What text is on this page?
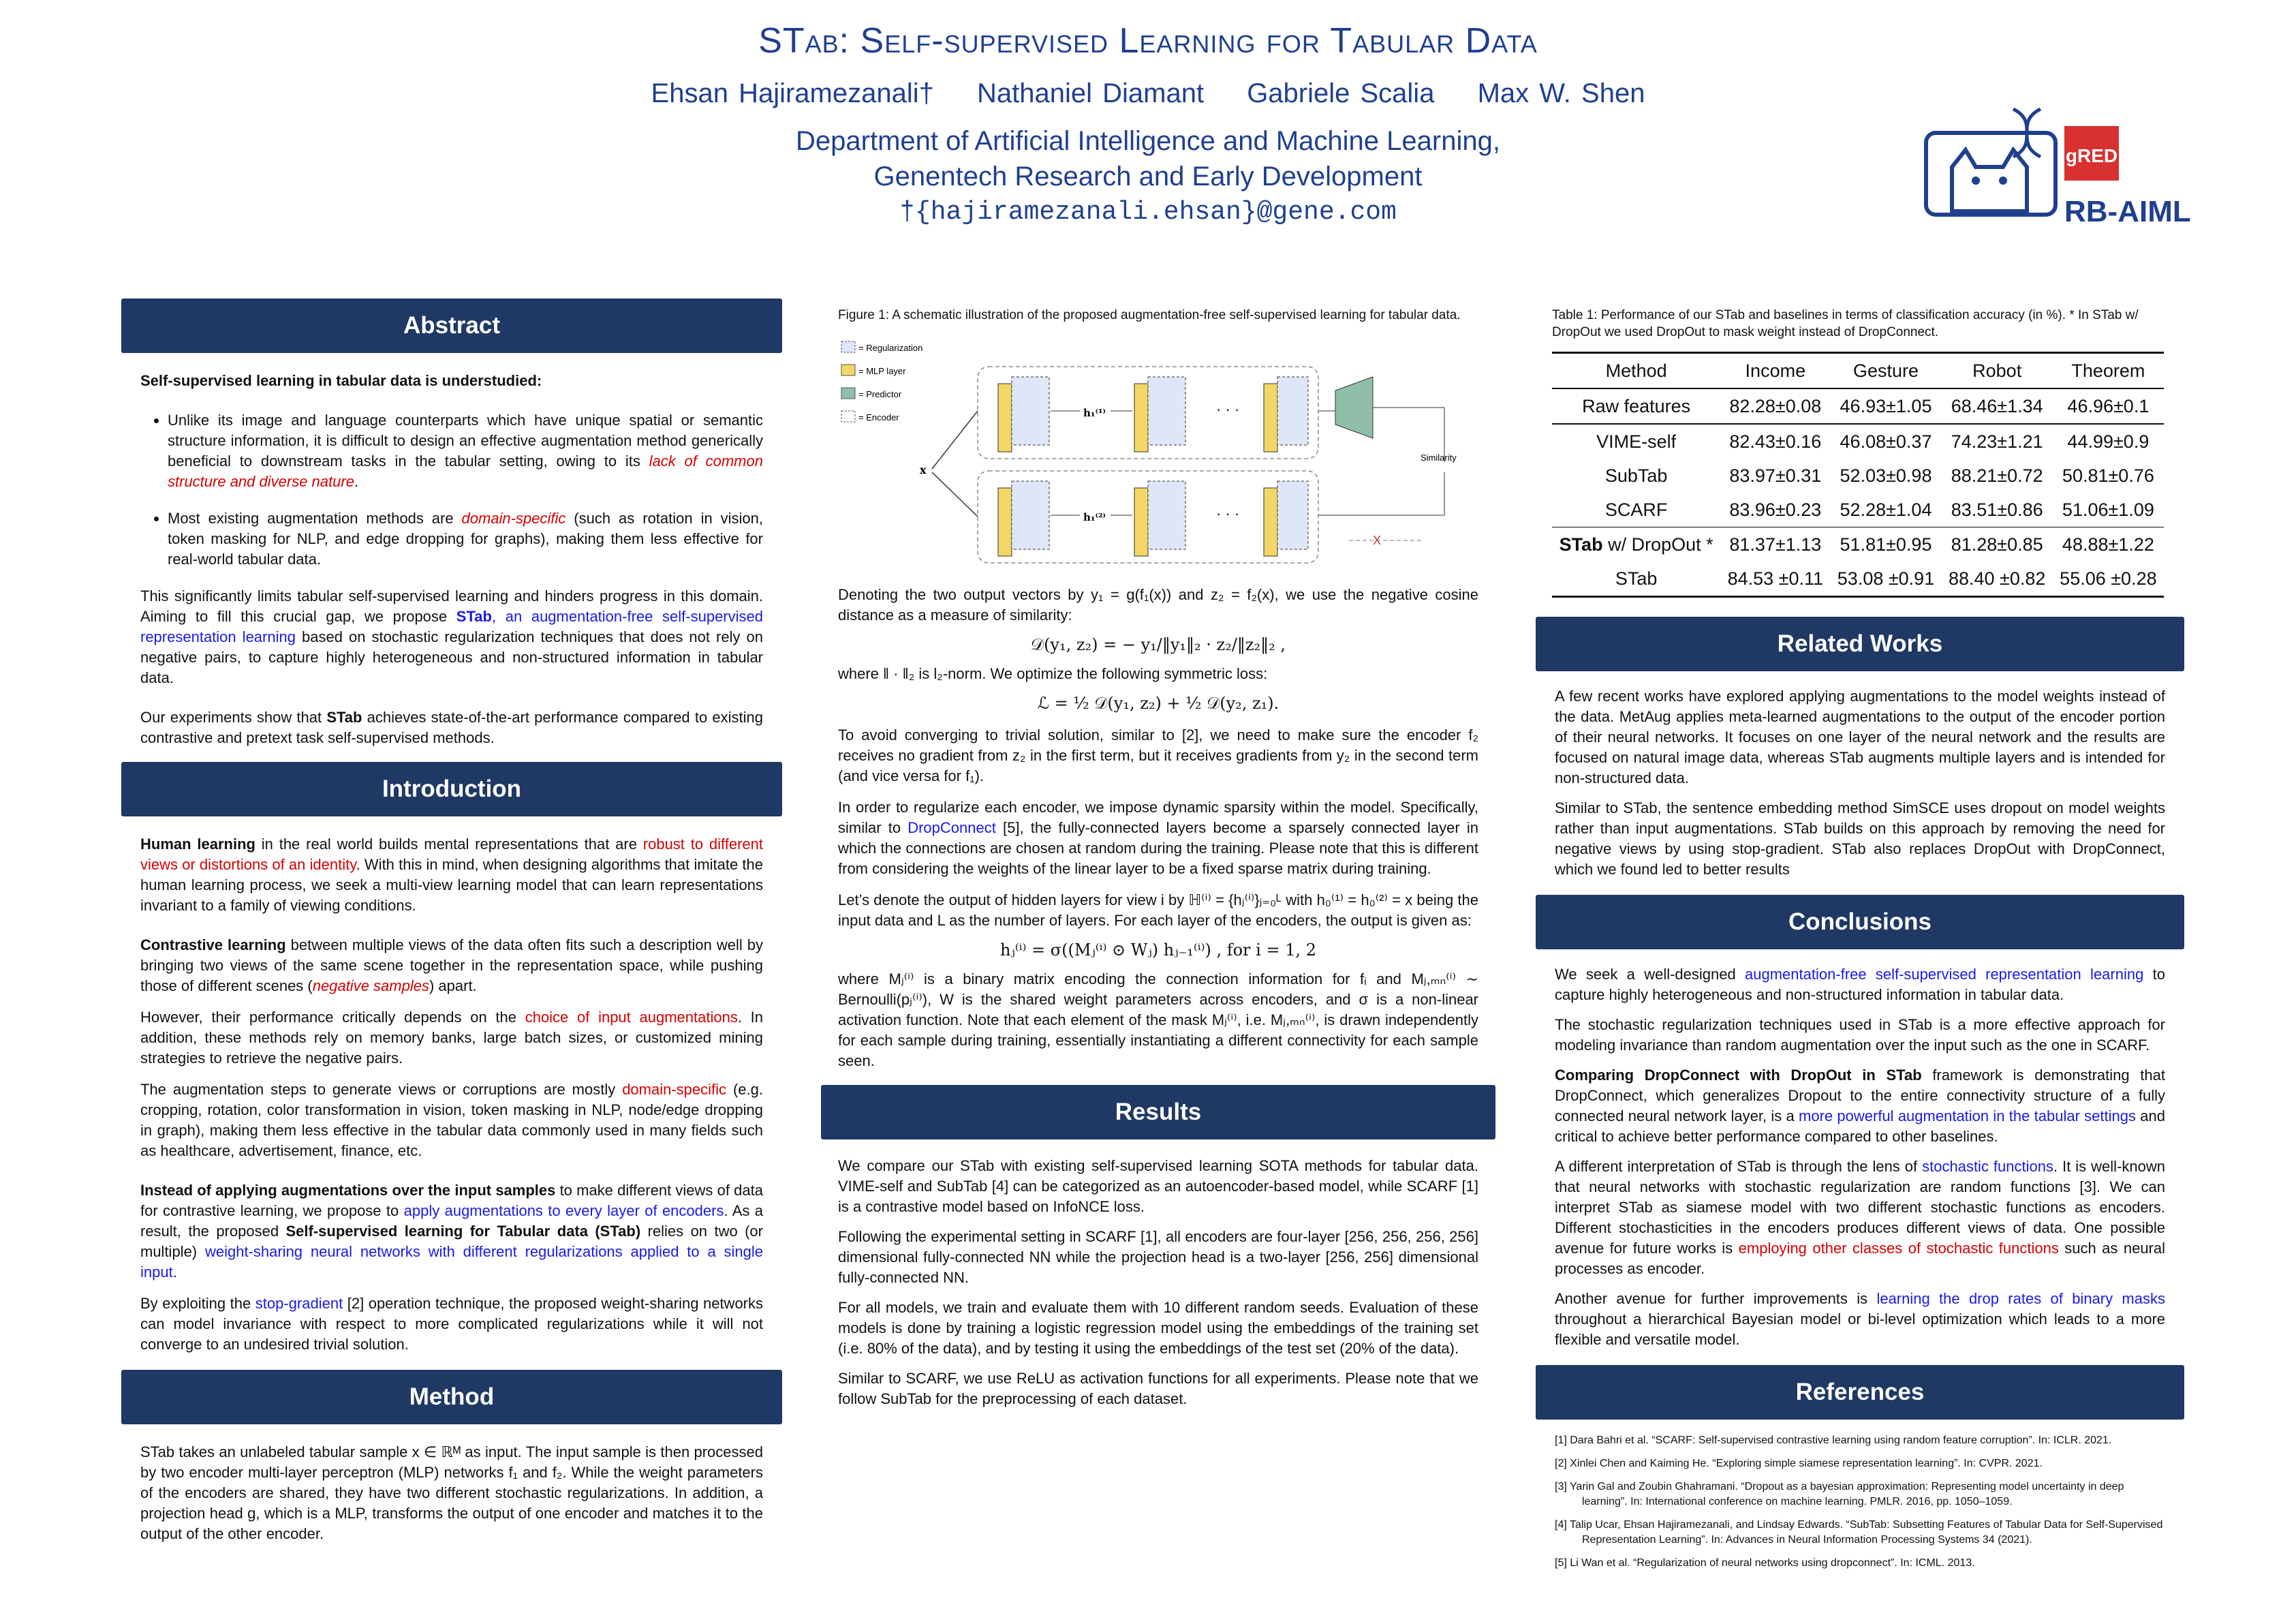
STab: Self-supervised Learning for Tabular Data
Ehsan Hajiramezanali† Nathaniel Diamant Gabriele Scalia Max W. Shen
Department of Artificial Intelligence and Machine Learning,
Genentech Research and Early Development
†{hajiramezanali.ehsan}@gene.com
gRED
RB-AIML
Abstract

Self-supervised learning in tabular data is understudied:

• Unlike its image and language counterparts which have unique spatial or semantic structure information, it is difficult to design an effective augmentation method generically beneficial to downstream tasks in the tabular setting, owing to its lack of common structure and diverse nature.
• Most existing augmentation methods are domain-specific (such as rotation in vision, token masking for NLP, and edge dropping for graphs), making them less effective for real-world tabular data.

This significantly limits tabular self-supervised learning and hinders progress in this domain. Aiming to fill this crucial gap, we propose STab, an augmentation-free self-supervised representation learning based on stochastic regularization techniques that does not rely on negative pairs, to capture highly heterogeneous and non-structured information in tabular data.

Our experiments show that STab achieves state-of-the-art performance compared to existing contrastive and pretext task self-supervised methods.

Introduction

Human learning in the real world builds mental representations that are robust to different views or distortions of an identity. With this in mind, when designing algorithms that imitate the human learning process, we seek a multi-view learning model that can learn representations invariant to a family of viewing conditions.

Contrastive learning between multiple views of the data often fits such a description well by bringing two views of the same scene together in the representation space, while pushing those of different scenes (negative samples) apart.

However, their performance critically depends on the choice of input augmentations. In addition, these methods rely on memory banks, large batch sizes, or customized mining strategies to retrieve the negative pairs.

The augmentation steps to generate views or corruptions are mostly domain-specific (e.g. cropping, rotation, color transformation in vision, token masking in NLP, node/edge dropping in graph), making them less effective in the tabular data commonly used in many fields such as healthcare, advertisement, finance, etc.

Instead of applying augmentations over the input samples to make different views of data for contrastive learning, we propose to apply augmentations to every layer of encoders. As a result, the proposed Self-supervised learning for Tabular data (STab) relies on two (or multiple) weight-sharing neural networks with different regularizations applied to a single input.

By exploiting the stop-gradient [2] operation technique, the proposed weight-sharing networks can model invariance with respect to more complicated regularizations while it will not converge to an undesired trivial solution.

Method

STab takes an unlabeled tabular sample x ∈ ℝᴹ as input. The input sample is then processed by two encoder multi-layer perceptron (MLP) networks f₁ and f₂. While the weight parameters of the encoders are shared, they have two different stochastic regularizations. In addition, a projection head g, which is a MLP, transforms the output of one encoder and matches it to the output of the other encoder.

Figure 1: A schematic illustration of the proposed augmentation-free self-supervised learning for tabular data.

= Regularization
= MLP layer
= Predictor
= Encoder
x
h₁⁽¹⁾
h₁⁽²⁾
· · ·
· · ·
Similarity
X

Denoting the two output vectors by y₁ = g(f₁(x)) and z₂ = f₂(x), we use the negative cosine distance as a measure of similarity:

𝒟(y₁, z₂) = − y₁/‖y₁‖₂ · z₂/‖z₂‖₂ ,

where ‖ · ‖₂ is l₂-norm. We optimize the following symmetric loss:

ℒ = ½ 𝒟(y₁, z₂) + ½ 𝒟(y₂, z₁).

To avoid converging to trivial solution, similar to [2], we need to make sure the encoder f₂ receives no gradient from z₂ in the first term, but it receives gradients from y₂ in the second term (and vice versa for f₁).

In order to regularize each encoder, we impose dynamic sparsity within the model. Specifically, similar to DropConnect [5], the fully-connected layers become a sparsely connected layer in which the connections are chosen at random during the training. Please note that this is different from considering the weights of the linear layer to be a fixed sparse matrix during training.

Let’s denote the output of hidden layers for view i by ℍ⁽ⁱ⁾ = {hⱼ⁽ⁱ⁾}ⱼ₌₀ᴸ with h₀⁽¹⁾ = h₀⁽²⁾ = x being the input data and L as the number of layers. For each layer of the encoders, the output is given as:

hⱼ⁽ⁱ⁾ = σ((Mⱼ⁽ⁱ⁾ ⊙ Wⱼ) hⱼ₋₁⁽ⁱ⁾) , for i = 1, 2

where Mⱼ⁽ⁱ⁾ is a binary matrix encoding the connection information for fᵢ and Mⱼ,ₘₙ⁽ⁱ⁾ ∼ Bernoulli(pⱼ⁽ⁱ⁾), W is the shared weight parameters across encoders, and σ is a non-linear activation function. Note that each element of the mask Mⱼ⁽ⁱ⁾, i.e. Mⱼ,ₘₙ⁽ⁱ⁾, is drawn independently for each sample during training, essentially instantiating a different connectivity for each sample seen.

Results

We compare our STab with existing self-supervised learning SOTA methods for tabular data. VIME-self and SubTab [4] can be categorized as an autoencoder-based model, while SCARF [1] is a contrastive model based on InfoNCE loss.

Following the experimental setting in SCARF [1], all encoders are four-layer [256, 256, 256, 256] dimensional fully-connected NN while the projection head is a two-layer [256, 256] dimensional fully-connected NN.

For all models, we train and evaluate them with 10 different random seeds. Evaluation of these models is done by training a logistic regression model using the embeddings of the training set (i.e. 80% of the data), and by testing it using the embeddings of the test set (20% of the data).

Similar to SCARF, we use ReLU as activation functions for all experiments. Please note that we follow SubTab for the preprocessing of each dataset.

Table 1: Performance of our STab and baselines in terms of classification accuracy (in %). * In STab w/ DropOut we used DropOut to mask weight instead of DropConnect.

Method	Income	Gesture	Robot	Theorem
Raw features	82.28±0.08	46.93±1.05	68.46±1.34	46.96±0.1
VIME-self	82.43±0.16	46.08±0.37	74.23±1.21	44.99±0.9
SubTab	83.97±0.31	52.03±0.98	88.21±0.72	50.81±0.76
SCARF	83.96±0.23	52.28±1.04	83.51±0.86	51.06±1.09
STab w/ DropOut *	81.37±1.13	51.81±0.95	81.28±0.85	48.88±1.22
STab	84.53 ±0.11	53.08 ±0.91	88.40 ±0.82	55.06 ±0.28
Related Works

A few recent works have explored applying augmentations to the model weights instead of the data. MetAug applies meta-learned augmentations to the output of the encoder portion of their neural networks. It focuses on one layer of the neural network and the results are focused on natural image data, whereas STab augments multiple layers and is intended for non-structured data.

Similar to STab, the sentence embedding method SimSCE uses dropout on model weights rather than input augmentations. STab builds on this approach by removing the need for negative views by using stop-gradient. STab also replaces DropOut with DropConnect, which we found led to better results

Conclusions

We seek a well-designed augmentation-free self-supervised representation learning to capture highly heterogeneous and non-structured information in tabular data.

The stochastic regularization techniques used in STab is a more effective approach for modeling invariance than random augmentation over the input such as the one in SCARF.

Comparing DropConnect with DropOut in STab framework is demonstrating that DropConnect, which generalizes Dropout to the entire connectivity structure of a fully connected neural network layer, is a more powerful augmentation in the tabular settings and critical to achieve better performance compared to other baselines.

A different interpretation of STab is through the lens of stochastic functions. It is well-known that neural networks with stochastic regularization are random functions [3]. We can interpret STab as siamese model with two different stochastic functions as encoders. Different stochasticities in the encoders produces different views of data. One possible avenue for future works is employing other classes of stochastic functions such as neural processes as encoder.

Another avenue for further improvements is learning the drop rates of binary masks throughout a hierarchical Bayesian model or bi-level optimization which leads to a more flexible and versatile model.

References
[1] Dara Bahri et al. “SCARF: Self-supervised contrastive learning using random feature corruption”. In: ICLR. 2021.
[2] Xinlei Chen and Kaiming He. “Exploring simple siamese representation learning”. In: CVPR. 2021.
[3] Yarin Gal and Zoubin Ghahramani. “Dropout as a bayesian approximation: Representing model uncertainty in deep learning”. In: International conference on machine learning. PMLR. 2016, pp. 1050–1059.
[4] Talip Ucar, Ehsan Hajiramezanali, and Lindsay Edwards. “SubTab: Subsetting Features of Tabular Data for Self-Supervised Representation Learning”. In: Advances in Neural Information Processing Systems 34 (2021).
[5] Li Wan et al. “Regularization of neural networks using dropconnect”. In: ICML. 2013.
